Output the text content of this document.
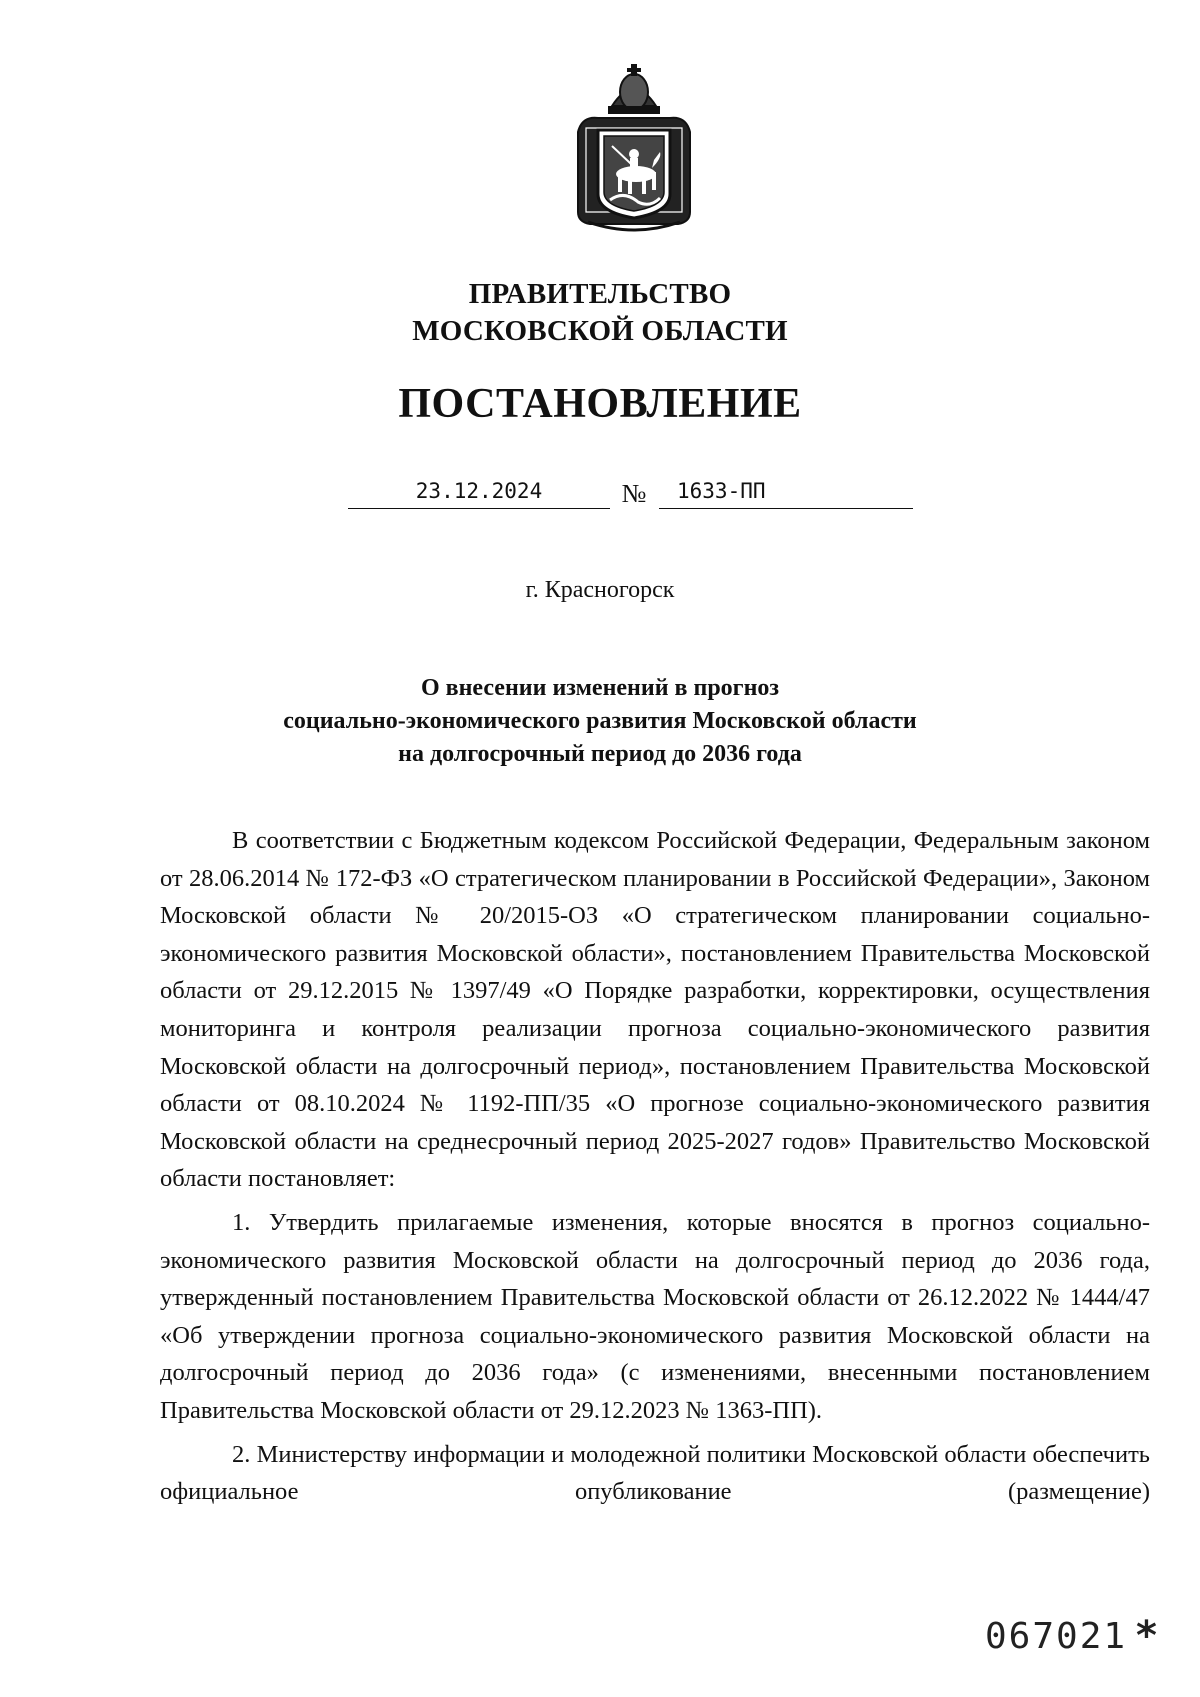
ПРАВИТЕЛЬСТВО
МОСКОВСКОЙ ОБЛАСТИ
ПОСТАНОВЛЕНИЕ
23.12.2024	№	1633-ПП
г. Красногорск
О внесении изменений в прогноз
социально-экономического развития Московской области
на долгосрочный период до 2036 года

В соответствии с Бюджетным кодексом Российской Федерации, Федеральным законом от 28.06.2014 № 172-ФЗ «О стратегическом планировании в Российской Федерации», Законом Московской области № 20/2015-ОЗ «О стратегическом планировании социально-экономического развития Московской области», постановлением Правительства Московской области от 29.12.2015 № 1397/49 «О Порядке разработки, корректировки, осуществления мониторинга и контроля реализации прогноза социально-экономического развития Московской области на долгосрочный период», постановлением Правительства Московской области от 08.10.2024 № 1192-ПП/35 «О прогнозе социально-экономического развития Московской области на среднесрочный период 2025-2027 годов» Правительство Московской области постановляет:

1. Утвердить прилагаемые изменения, которые вносятся в прогноз социально-экономического развития Московской области на долгосрочный период до 2036 года, утвержденный постановлением Правительства Московской области от 26.12.2022 № 1444/47 «Об утверждении прогноза социально-экономического развития Московской области на долгосрочный период до 2036 года» (с изменениями, внесенными постановлением Правительства Московской области от 29.12.2023 № 1363-ПП).

2. Министерству информации и молодежной политики Московской области обеспечить официальное опубликование (размещение)

067021 *
